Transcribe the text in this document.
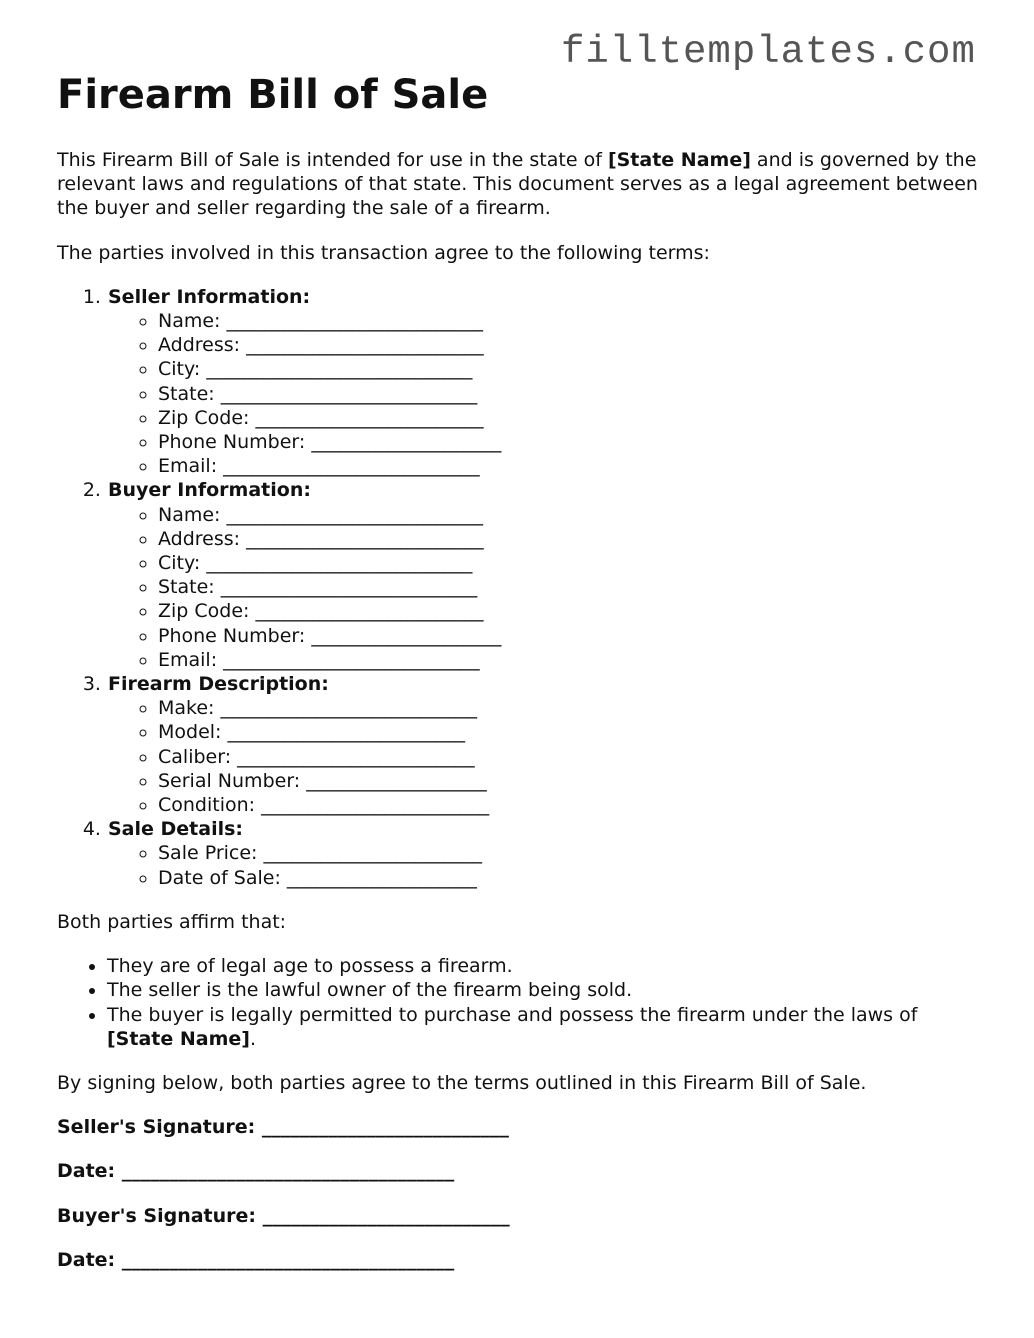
filltemplates.com
Firearm Bill of Sale

This Firearm Bill of Sale is intended for use in the state of [State Name] and is governed by the relevant laws and regulations of that state. This document serves as a legal agreement between the buyer and seller regarding the sale of a firearm.

The parties involved in this transaction agree to the following terms:

1. Seller Information:
◦ Name: ___________________________
◦ Address: _________________________
◦ City: ____________________________
◦ State: ___________________________
◦ Zip Code: ________________________
◦ Phone Number: ____________________
◦ Email: ___________________________
2. Buyer Information:
◦ Name: ___________________________
◦ Address: _________________________
◦ City: ____________________________
◦ State: ___________________________
◦ Zip Code: ________________________
◦ Phone Number: ____________________
◦ Email: ___________________________
3. Firearm Description:
◦ Make: ___________________________
◦ Model: _________________________
◦ Caliber: _________________________
◦ Serial Number: ___________________
◦ Condition: ________________________
4. Sale Details:
◦ Sale Price: _______________________
◦ Date of Sale: ____________________

Both parties affirm that:

• They are of legal age to possess a firearm.
• The seller is the lawful owner of the firearm being sold.
• The buyer is legally permitted to purchase and possess the firearm under the laws of [State Name].

By signing below, both parties agree to the terms outlined in this Firearm Bill of Sale.

Seller's Signature: __________________________

Date: ___________________________________

Buyer's Signature: __________________________

Date: ___________________________________
